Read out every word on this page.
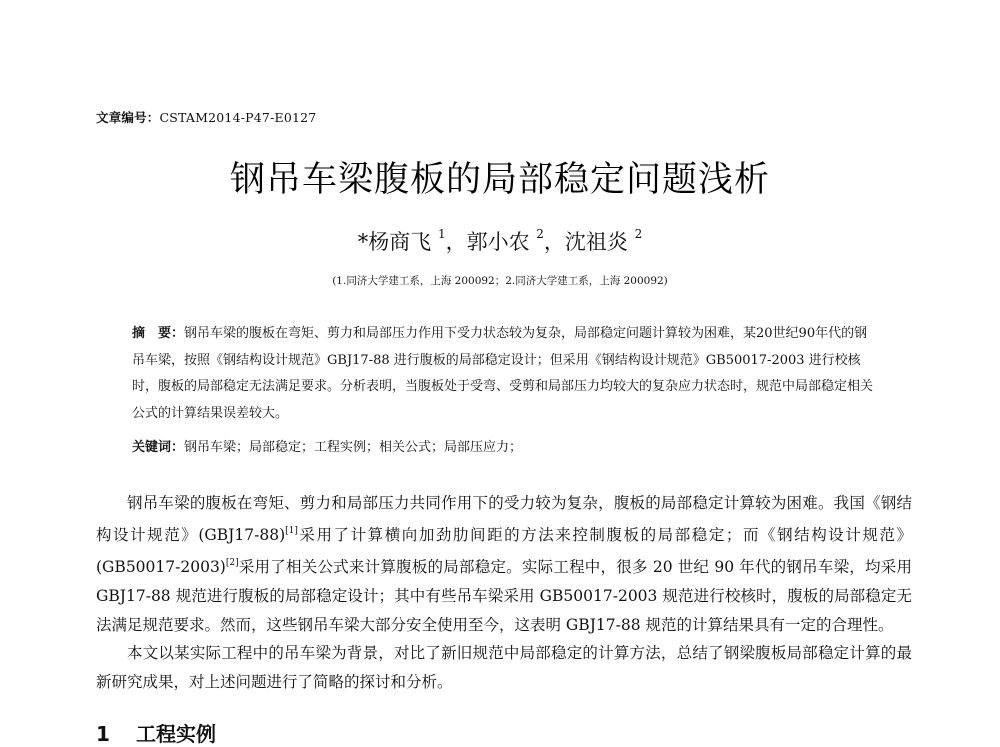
文章编号：CSTAM2014-P47-E0127
钢吊车梁腹板的局部稳定问题浅析
*杨商飞 $^1$，郭小农 $^2$，沈祖炎 $^2$
(1.同济大学建工系，上海 200092；2.同济大学建工系，上海 200092)
摘　要：钢吊车梁的腹板在弯矩、剪力和局部压力作用下受力状态较为复杂，局部稳定问题计算较为困难，某20世纪90年代的钢吊车梁，按照《钢结构设计规范》GBJ17-88 进行腹板的局部稳定设计；但采用《钢结构设计规范》GB50017-2003 进行校核时，腹板的局部稳定无法满足要求。分析表明，当腹板处于受弯、受剪和局部压力均较大的复杂应力状态时，规范中局部稳定相关公式的计算结果误差较大。
关键词：钢吊车梁；局部稳定；工程实例；相关公式；局部压应力；

钢吊车梁的腹板在弯矩、剪力和局部压力共同作用下的受力较为复杂，腹板的局部稳定计算较为困难。我国《钢结构设计规范》(GBJ17-88)[1]采用了计算横向加劲肋间距的方法来控制腹板的局部稳定；而《钢结构设计规范》(GB50017-2003)[2]采用了相关公式来计算腹板的局部稳定。实际工程中，很多 20 世纪 90 年代的钢吊车梁，均采用 GBJ17-88 规范进行腹板的局部稳定设计；其中有些吊车梁采用 GB50017-2003 规范进行校核时，腹板的局部稳定无法满足规范要求。然而，这些钢吊车梁大部分安全使用至今，这表明 GBJ17-88 规范的计算结果具有一定的合理性。

本文以某实际工程中的吊车梁为背景，对比了新旧规范中局部稳定的计算方法，总结了钢梁腹板局部稳定计算的最新研究成果，对上述问题进行了简略的探讨和分析。

1 工程实例
